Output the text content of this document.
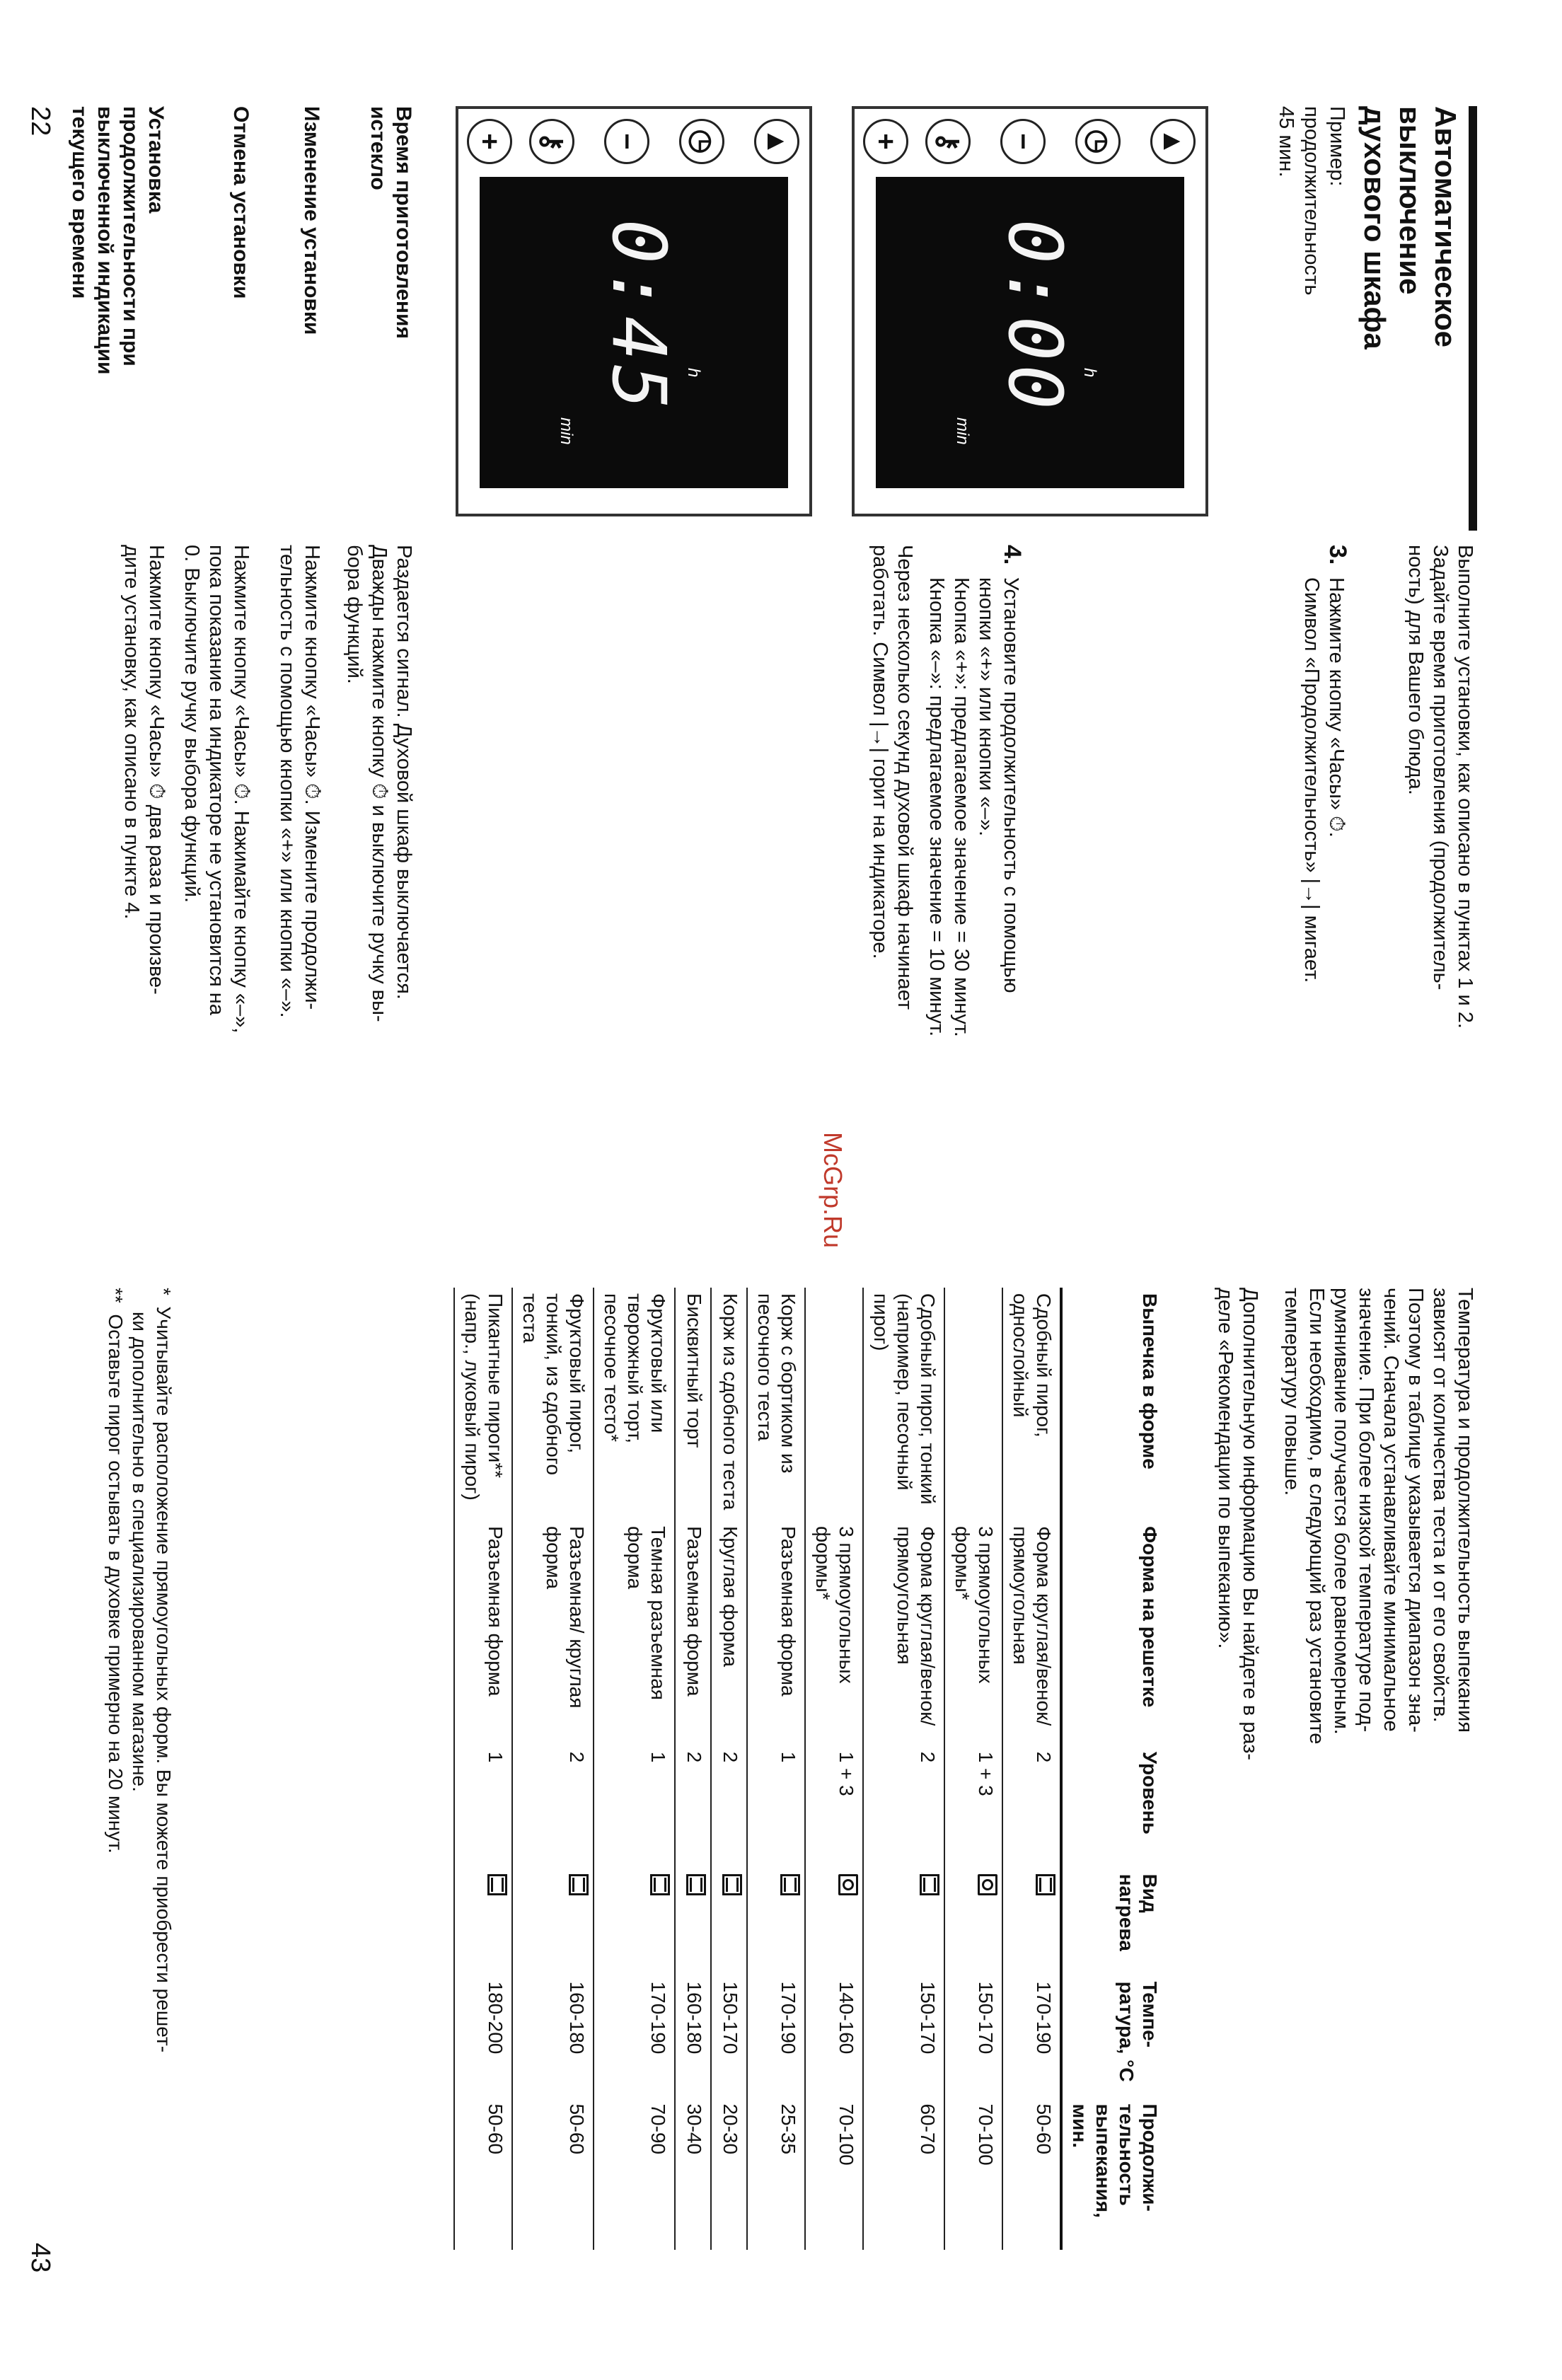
Автоматическое
выключение
духового шкафа
Пример:
продолжительность
45 мин.

Выполните установки, как описано в пунктах 1 и 2.

Задайте время приготовления (продолжитель-

ность) для Вашего блюда.

▲
◷
−
⚷
+
0:00 h
min

3.Нажмите кнопку «Часы» ⏱.

Символ «Продолжительность» |→| мигает.

▲
◷
−
⚷
+
0:45 h
min

4.Установите продолжительность с помощью

кнопки «+» или кнопки «–».

Кнопка «+»: предлагаемое значение = 30 минут.

Кнопка «–»: предлагаемое значение = 10 минут.

Через несколько секунд духовой шкаф начинает

работать. Символ |→| горит на индикаторе.

Время приготовления
истекло

Раздается сигнал. Духовой шкаф выключается.

Дважды нажмите кнопку ⏱ и выключите ручку вы-

бора функций.

Изменение установки

Нажмите кнопку «Часы» ⏱. Измените продолжи-

тельность с помощью кнопки «+» или кнопки «–».

Отмена установки

Нажмите кнопку «Часы» ⏱. Нажимайте кнопку «–»,

пока показание на индикаторе не установится на

0. Выключите ручку выбора функций.

Установка
продолжительности при
выключенной индикации
текущего времени

Нажмите кнопку «Часы» ⏱ два раза и произве-

дите установку, как описано в пункте 4.

22
McGrp.Ru

Температура и продолжительность выпекания

зависят от количества теста и от его свойств.

Поэтому в таблице указывается диапазон зна-

чений. Сначала устанавливайте минимальное

значение. При более низкой температуре под-

румянивание получается более равномерным.

Если необходимо, в следующий раз установите

температуру повыше.

Дополнительную информацию Вы найдете в раз-

деле «Рекомендации по выпеканию».

Выпечка в форме	Форма на решетке	Уровень	Вид нагрева	Темпе-ратура, °C	Продолжи-тельность выпекания, мин.
Сдобный пирог, однослойный	Форма круглая/венок/ прямоугольная	2		170-190	50-60
	3 прямоугольных формы*	1 + 3		150-170	70-100
Сдобный пирог, тонкий (например, песочный пирог)	Форма круглая/венок/ прямоугольная	2		150-170	60-70
	3 прямоугольных формы*	1 + 3		140-160	70-100
Корж с бортиком из песочного теста	Разъемная форма	1		170-190	25-35
Корж из сдобного теста	Круглая форма	2		150-170	20-30
Бисквитный торт	Разъемная форма	2		160-180	30-40
Фруктовый или творожный торт, песочное тесто*	Темная разъемная форма	1		170-190	70-90
Фруктовый пирог, тонкий, из сдобного теста	Разъемная/ круглая форма	2		160-180	50-60
Пикантные пироги** (напр., луковый пирог)	Разъемная форма	1		180-200	50-60
*  Учитывайте расположение прямоугольных форм. Вы можете приобрести решет-
ки дополнительно в специализированном магазине.
**  Оставьте пирог остывать в духовке примерно на 20 минут.
43
